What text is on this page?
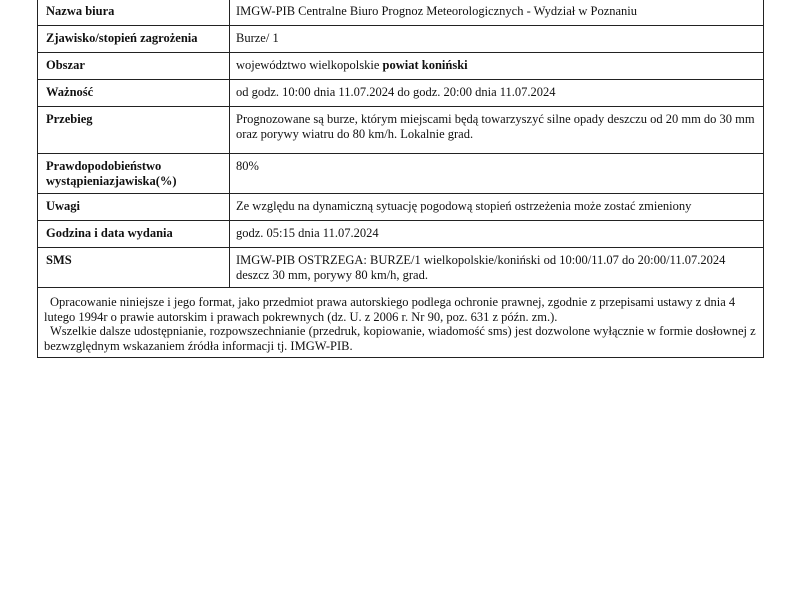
Nazwa biura	IMGW-PIB Centralne Biuro Prognoz Meteorologicznych - Wydział w Poznaniu
Zjawisko/stopień zagrożenia	Burze/ 1
Obszar	województwo wielkopolskie powiat koniński
Ważność	od godz. 10:00 dnia 11.07.2024 do godz. 20:00 dnia 11.07.2024
Przebieg	Prognozowane są burze, którym miejscami będą towarzyszyć silne opady deszczu od 20 mm do 30 mm oraz porywy wiatru do 80 km/h. Lokalnie grad.
Prawdopodobieństwo wystąpieniazjawiska(%)	80%
Uwagi	Ze względu na dynamiczną sytuację pogodową stopień ostrzeżenia może zostać zmieniony
Godzina i data wydania	godz. 05:15 dnia 11.07.2024
SMS	IMGW-PIB OSTRZEGA: BURZE/1 wielkopolskie/koniński od 10:00/11.07 do 20:00/11.07.2024 deszcz 30 mm, porywy 80 km/h, grad.

Opracowanie niniejsze i jego format, jako przedmiot prawa autorskiego podlega ochronie prawnej, zgodnie z przepisami ustawy z dnia 4 lutego 1994r o prawie autorskim i prawach pokrewnych (dz. U. z 2006 r. Nr 90, poz. 631 z późn. zm.).

Wszelkie dalsze udostępnianie, rozpowszechnianie (przedruk, kopiowanie, wiadomość sms) jest dozwolone wyłącznie w formie dosłownej z bezwzględnym wskazaniem źródła informacji tj. IMGW-PIB.
